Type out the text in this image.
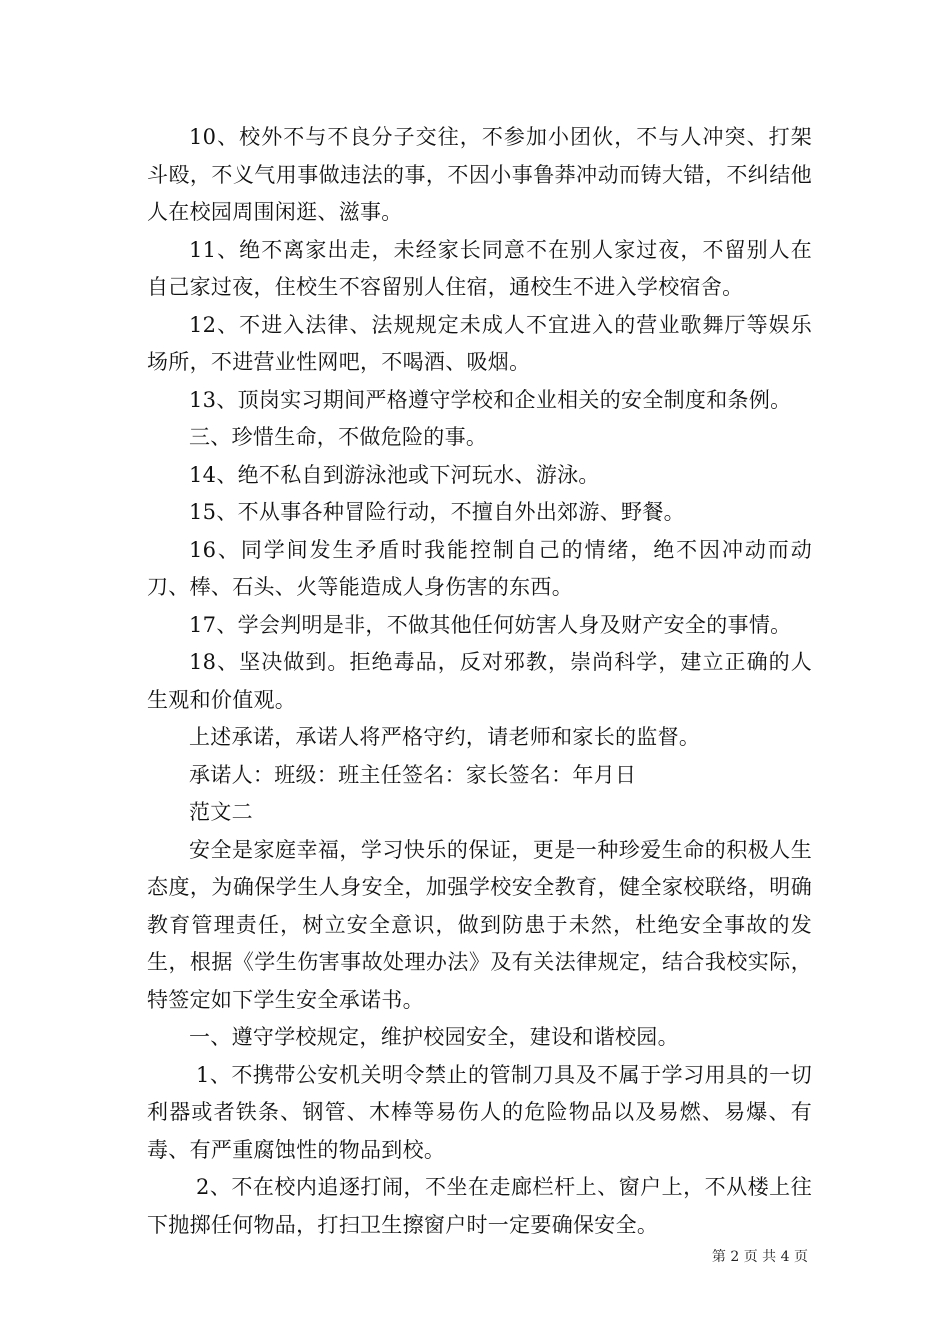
10、校外不与不良分子交往，不参加小团伙，不与人冲突、打架斗殴，不义气用事做违法的事，不因小事鲁莽冲动而铸大错，不纠结他人在校园周围闲逛、滋事。

11、绝不离家出走，未经家长同意不在别人家过夜，不留别人在自己家过夜，住校生不容留别人住宿，通校生不进入学校宿舍。

12、不进入法律、法规规定未成人不宜进入的营业歌舞厅等娱乐场所，不进营业性网吧，不喝酒、吸烟。

13、顶岗实习期间严格遵守学校和企业相关的安全制度和条例。

三、珍惜生命，不做危险的事。

14、绝不私自到游泳池或下河玩水、游泳。

15、不从事各种冒险行动，不擅自外出郊游、野餐。

16、同学间发生矛盾时我能控制自己的情绪，绝不因冲动而动刀、棒、石头、火等能造成人身伤害的东西。

17、学会判明是非，不做其他任何妨害人身及财产安全的事情。

18、坚决做到。拒绝毒品，反对邪教，崇尚科学，建立正确的人生观和价值观。

上述承诺，承诺人将严格守约，请老师和家长的监督。

承诺人：班级：班主任签名：家长签名：年月日

范文二

安全是家庭幸福，学习快乐的保证，更是一种珍爱生命的积极人生态度，为确保学生人身安全，加强学校安全教育，健全家校联络，明确教育管理责任，树立安全意识，做到防患于未然，杜绝安全事故的发生，根据《学生伤害事故处理办法》及有关法律规定，结合我校实际，特签定如下学生安全承诺书。

一、遵守学校规定，维护校园安全，建设和谐校园。

1、不携带公安机关明令禁止的管制刀具及不属于学习用具的一切利器或者铁条、钢管、木棒等易伤人的危险物品以及易燃、易爆、有毒、有严重腐蚀性的物品到校。

2、不在校内追逐打闹，不坐在走廊栏杆上、窗户上，不从楼上往下抛掷任何物品，打扫卫生擦窗户时一定要确保安全。

第 2 页 共 4 页
